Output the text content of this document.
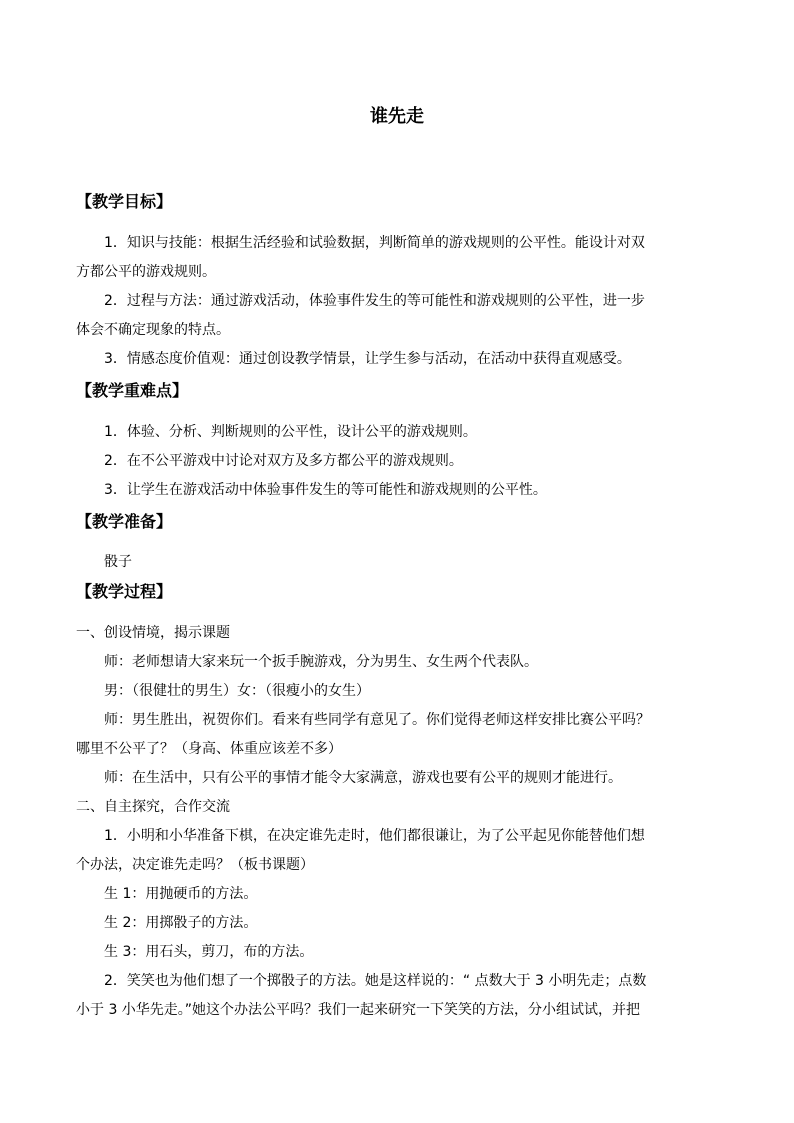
谁先走
【教学目标】
1．知识与技能：根据生活经验和试验数据，判断简单的游戏规则的公平性。能设计对双
方都公平的游戏规则。
2．过程与方法：通过游戏活动，体验事件发生的等可能性和游戏规则的公平性，进一步
体会不确定现象的特点。
3．情感态度价值观：通过创设教学情景，让学生参与活动，在活动中获得直观感受。
【教学重难点】
1．体验、分析、判断规则的公平性，设计公平的游戏规则。
2．在不公平游戏中讨论对双方及多方都公平的游戏规则。
3．让学生在游戏活动中体验事件发生的等可能性和游戏规则的公平性。
【教学准备】
骰子
【教学过程】
一、创设情境，揭示课题
师：老师想请大家来玩一个扳手腕游戏，分为男生、女生两个代表队。
男：（很健壮的男生）女：（很瘦小的女生）
师：男生胜出，祝贺你们。看来有些同学有意见了。你们觉得老师这样安排比赛公平吗？
哪里不公平了？（身高、体重应该差不多）
师：在生活中，只有公平的事情才能令大家满意，游戏也要有公平的规则才能进行。
二、自主探究，合作交流
1．小明和小华准备下棋，在决定谁先走时，他们都很谦让，为了公平起见你能替他们想
个办法，决定谁先走吗？（板书课题）
生 1：用抛硬币的方法。
生 2：用掷骰子的方法。
生 3：用石头，剪刀，布的方法。
2．笑笑也为他们想了一个掷骰子的方法。她是这样说的：“ 点数大于 3 小明先走；点数
小于 3 小华先走。”她这个办法公平吗？我们一起来研究一下笑笑的方法，分小组试试，并把
